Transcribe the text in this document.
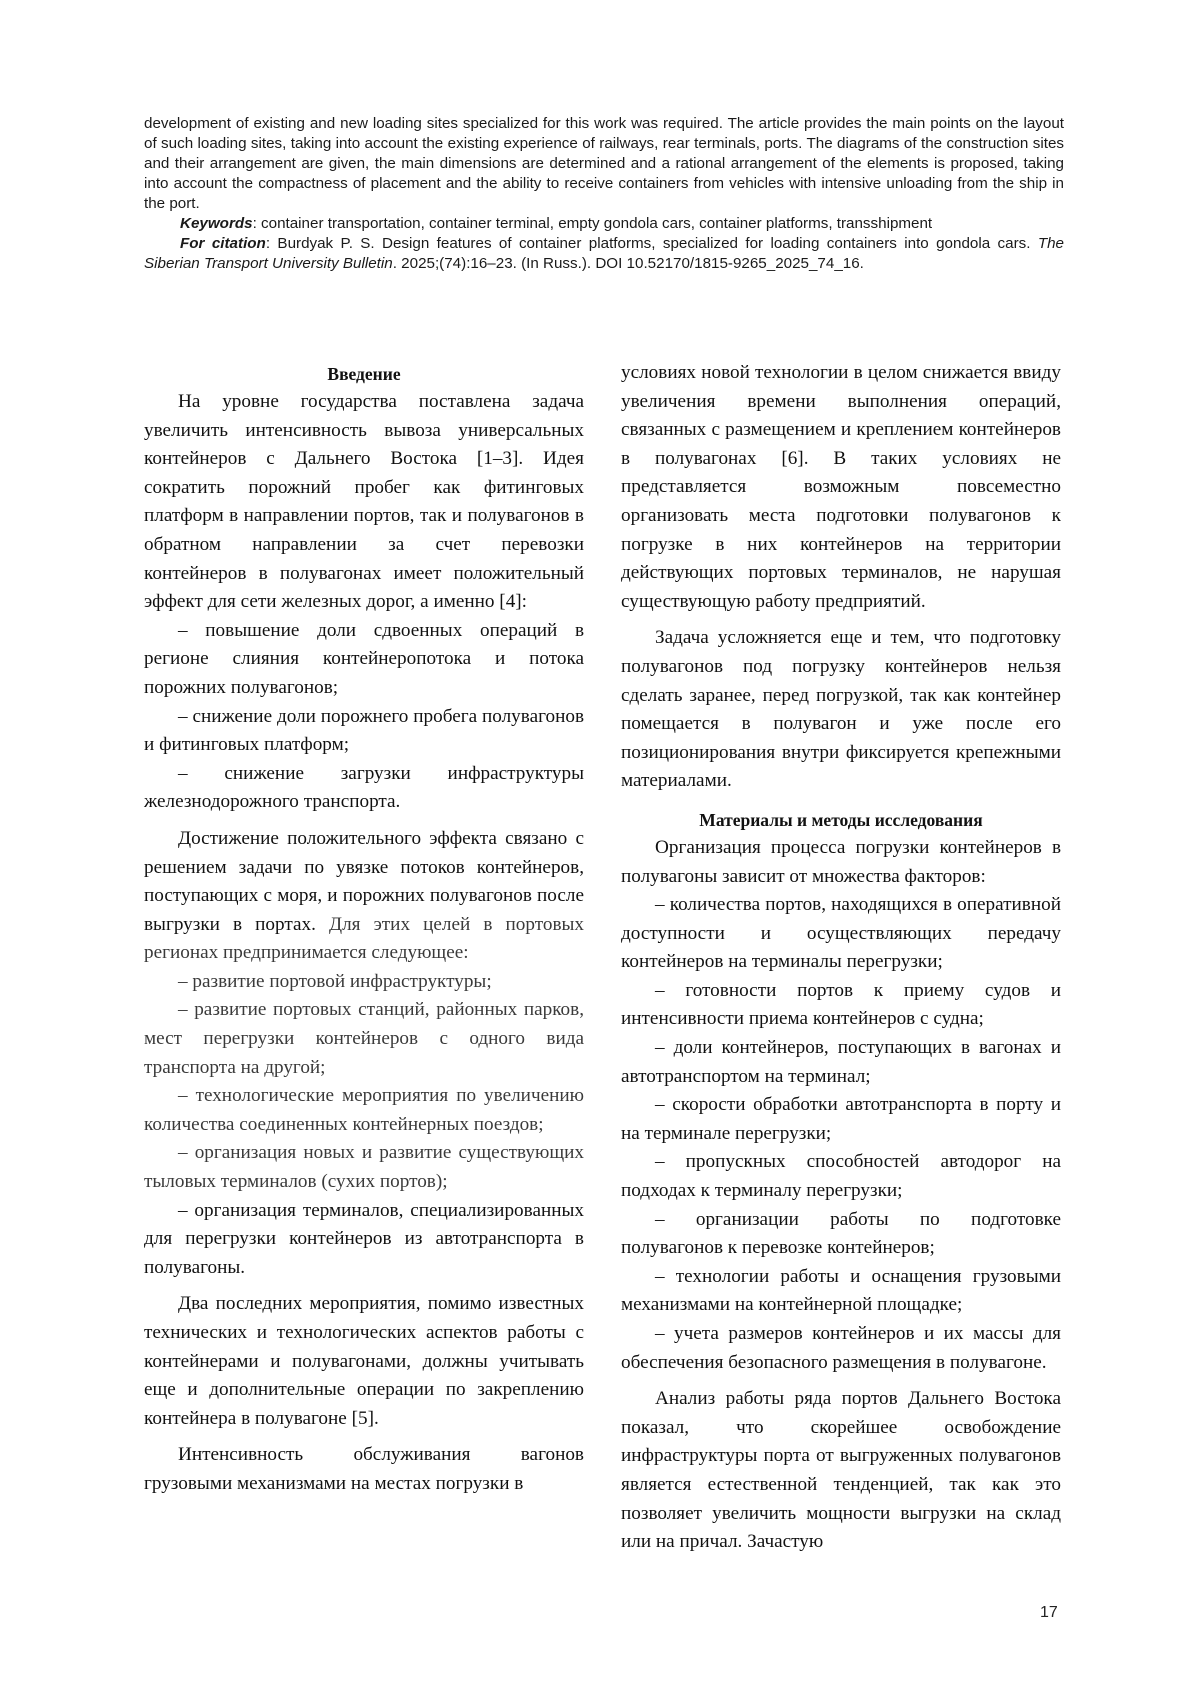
development of existing and new loading sites specialized for this work was required. The article provides the main points on the layout of such loading sites, taking into account the existing experience of railways, rear terminals, ports. The diagrams of the construction sites and their arrangement are given, the main dimensions are determined and a rational arrangement of the elements is proposed, taking into account the compactness of placement and the ability to receive containers from vehicles with intensive unloading from the ship in the port.

Keywords: container transportation, container terminal, empty gondola cars, container platforms, transshipment

For citation: Burdyak P. S. Design features of container platforms, specialized for loading containers into gondola cars. The Siberian Transport University Bulletin. 2025;(74):16–23. (In Russ.). DOI 10.52170/1815-9265_2025_74_16.

Введение

На уровне государства поставлена задача увеличить интенсивность вывоза универсальных контейнеров с Дальнего Востока [1–3]. Идея сократить порожний пробег как фитинговых платформ в направлении портов, так и полувагонов в обратном направлении за счет перевозки контейнеров в полувагонах имеет положительный эффект для сети железных дорог, а именно [4]:

– повышение доли сдвоенных операций в регионе слияния контейнеропотока и потока порожних полувагонов;

– снижение доли порожнего пробега полувагонов и фитинговых платформ;

– снижение загрузки инфраструктуры железнодорожного транспорта.

Достижение положительного эффекта связано с решением задачи по увязке потоков контейнеров, поступающих с моря, и порожних полувагонов после выгрузки в портах. Для этих целей в портовых регионах предпринимается следующее:

– развитие портовой инфраструктуры;

– развитие портовых станций, районных парков, мест перегрузки контейнеров с одного вида транспорта на другой;

– технологические мероприятия по увеличению количества соединенных контейнерных поездов;

– организация новых и развитие существующих тыловых терминалов (сухих портов);

– организация терминалов, специализированных для перегрузки контейнеров из автотранспорта в полувагоны.

Два последних мероприятия, помимо известных технических и технологических аспектов работы с контейнерами и полувагонами, должны учитывать еще и дополнительные операции по закреплению контейнера в полувагоне [5].

Интенсивность обслуживания вагонов грузовыми механизмами на местах погрузки в

условиях новой технологии в целом снижается ввиду увеличения времени выполнения операций, связанных с размещением и креплением контейнеров в полувагонах [6]. В таких условиях не представляется возможным повсеместно организовать места подготовки полувагонов к погрузке в них контейнеров на территории действующих портовых терминалов, не нарушая существующую работу предприятий.

Задача усложняется еще и тем, что подготовку полувагонов под погрузку контейнеров нельзя сделать заранее, перед погрузкой, так как контейнер помещается в полувагон и уже после его позиционирования внутри фиксируется крепежными материалами.

Материалы и методы исследования

Организация процесса погрузки контейнеров в полувагоны зависит от множества факторов:

– количества портов, находящихся в оперативной доступности и осуществляющих передачу контейнеров на терминалы перегрузки;

– готовности портов к приему судов и интенсивности приема контейнеров с судна;

– доли контейнеров, поступающих в вагонах и автотранспортом на терминал;

– скорости обработки автотранспорта в порту и на терминале перегрузки;

– пропускных способностей автодорог на подходах к терминалу перегрузки;

– организации работы по подготовке полувагонов к перевозке контейнеров;

– технологии работы и оснащения грузовыми механизмами на контейнерной площадке;

– учета размеров контейнеров и их массы для обеспечения безопасного размещения в полувагоне.

Анализ работы ряда портов Дальнего Востока показал, что скорейшее освобождение инфраструктуры порта от выгруженных полувагонов является естественной тенденцией, так как это позволяет увеличить мощности выгрузки на склад или на причал. Зачастую

17
